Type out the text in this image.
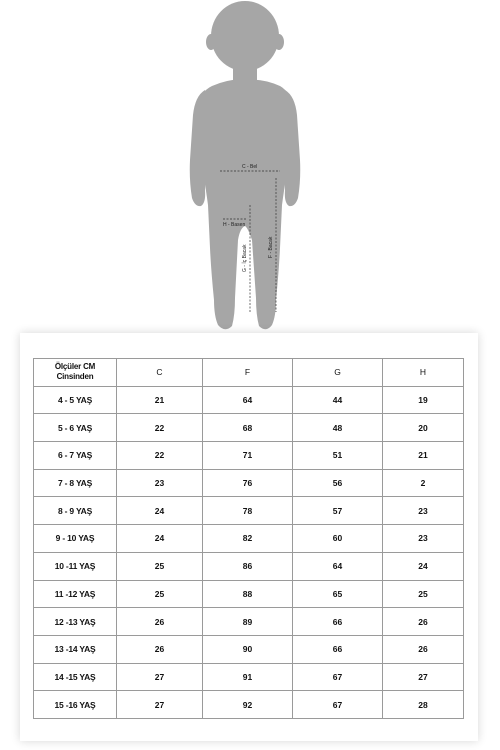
C - Bel
H - Basen
G - İç Bacak	F - Bacak
Ölçüler CM
Cinsinden	C	F	G	H
4 - 5 YAŞ	21	64	44	19
5 - 6 YAŞ	22	68	48	20
6 - 7 YAŞ	22	71	51	21
7 - 8 YAŞ	23	76	56	2
8 - 9 YAŞ	24	78	57	23
9 - 10 YAŞ	24	82	60	23
10 -11 YAŞ	25	86	64	24
11 -12 YAŞ	25	88	65	25
12 -13 YAŞ	26	89	66	26
13 -14 YAŞ	26	90	66	26
14 -15 YAŞ	27	91	67	27
15 -16 YAŞ	27	92	67	28
